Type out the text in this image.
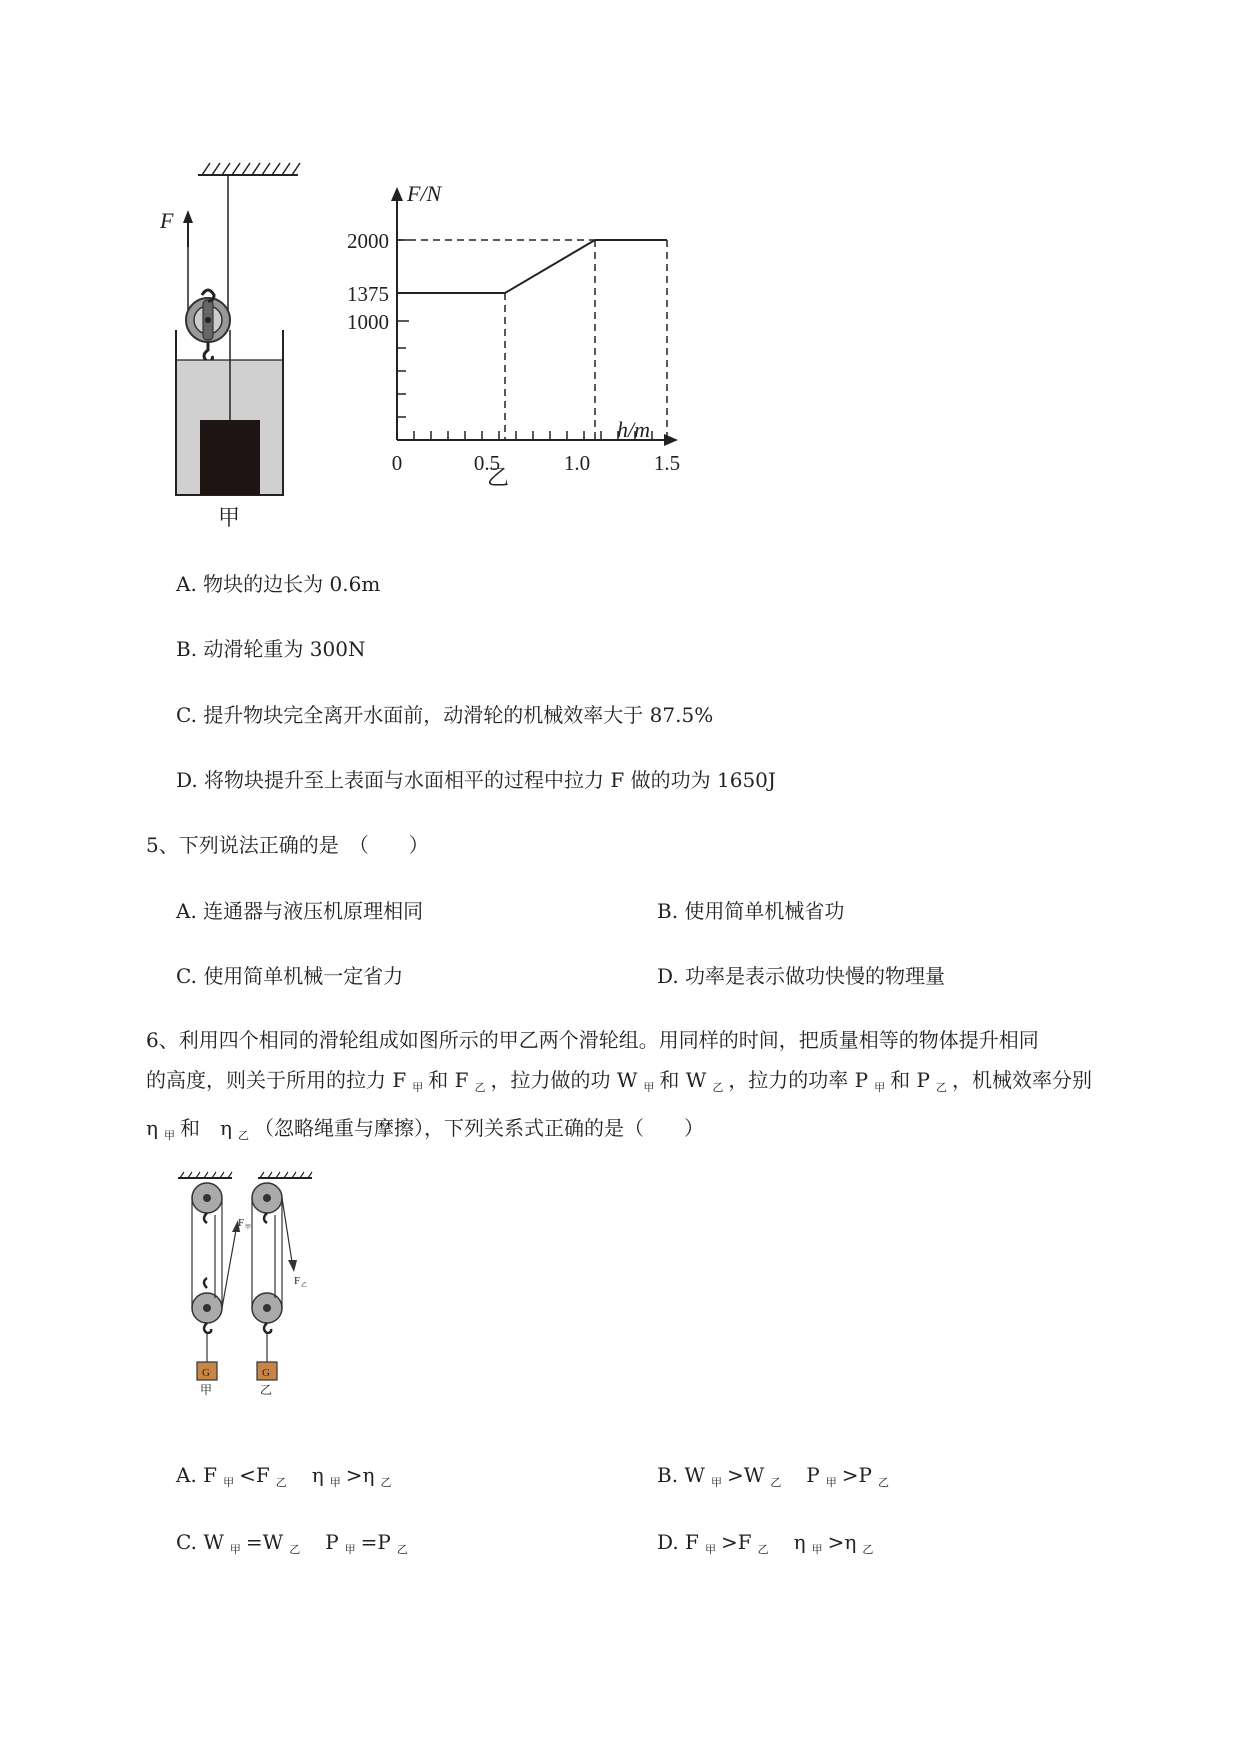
F
甲
F/N
h/m
乙
2000
1375
1000
0	0.5	1.0	1.5
A. 物块的边长为 0.6m
B. 动滑轮重为 300N
C. 提升物块完全离开水面前，动滑轮的机械效率大于 87.5%
D. 将物块提升至上表面与水面相平的过程中拉力 F 做的功为 1650J
5、下列说法正确的是　（　　）
A. 连通器与液压机原理相同	B. 使用简单机械省功
C. 使用简单机械一定省力	D. 功率是表示做功快慢的物理量
6、利用四个相同的滑轮组成如图所示的甲乙两个滑轮组。用同样的时间，把质量相等的物体提升相同
的高度，则关于所用的拉力 F $_甲$ 和 F $_乙$ ，拉力做的功 W $_甲$ 和 W $_乙$ ，拉力的功率 P $_甲$ 和 P $_乙$ ，机械效率分别
η $_甲$ 和　η $_乙$ （忽略绳重与摩擦），下列关系式正确的是（　　）
F 甲
G
甲
F 乙
G
乙
A. F $_甲$ <F $_乙$　η $_甲$ >η $_乙$	B. W $_甲$ >W $_乙$　P $_甲$ >P $_乙$
C. W $_甲$ =W $_乙$　P $_甲$ =P $_乙$	D. F $_甲$ >F $_乙$　η $_甲$ >η $_乙$
